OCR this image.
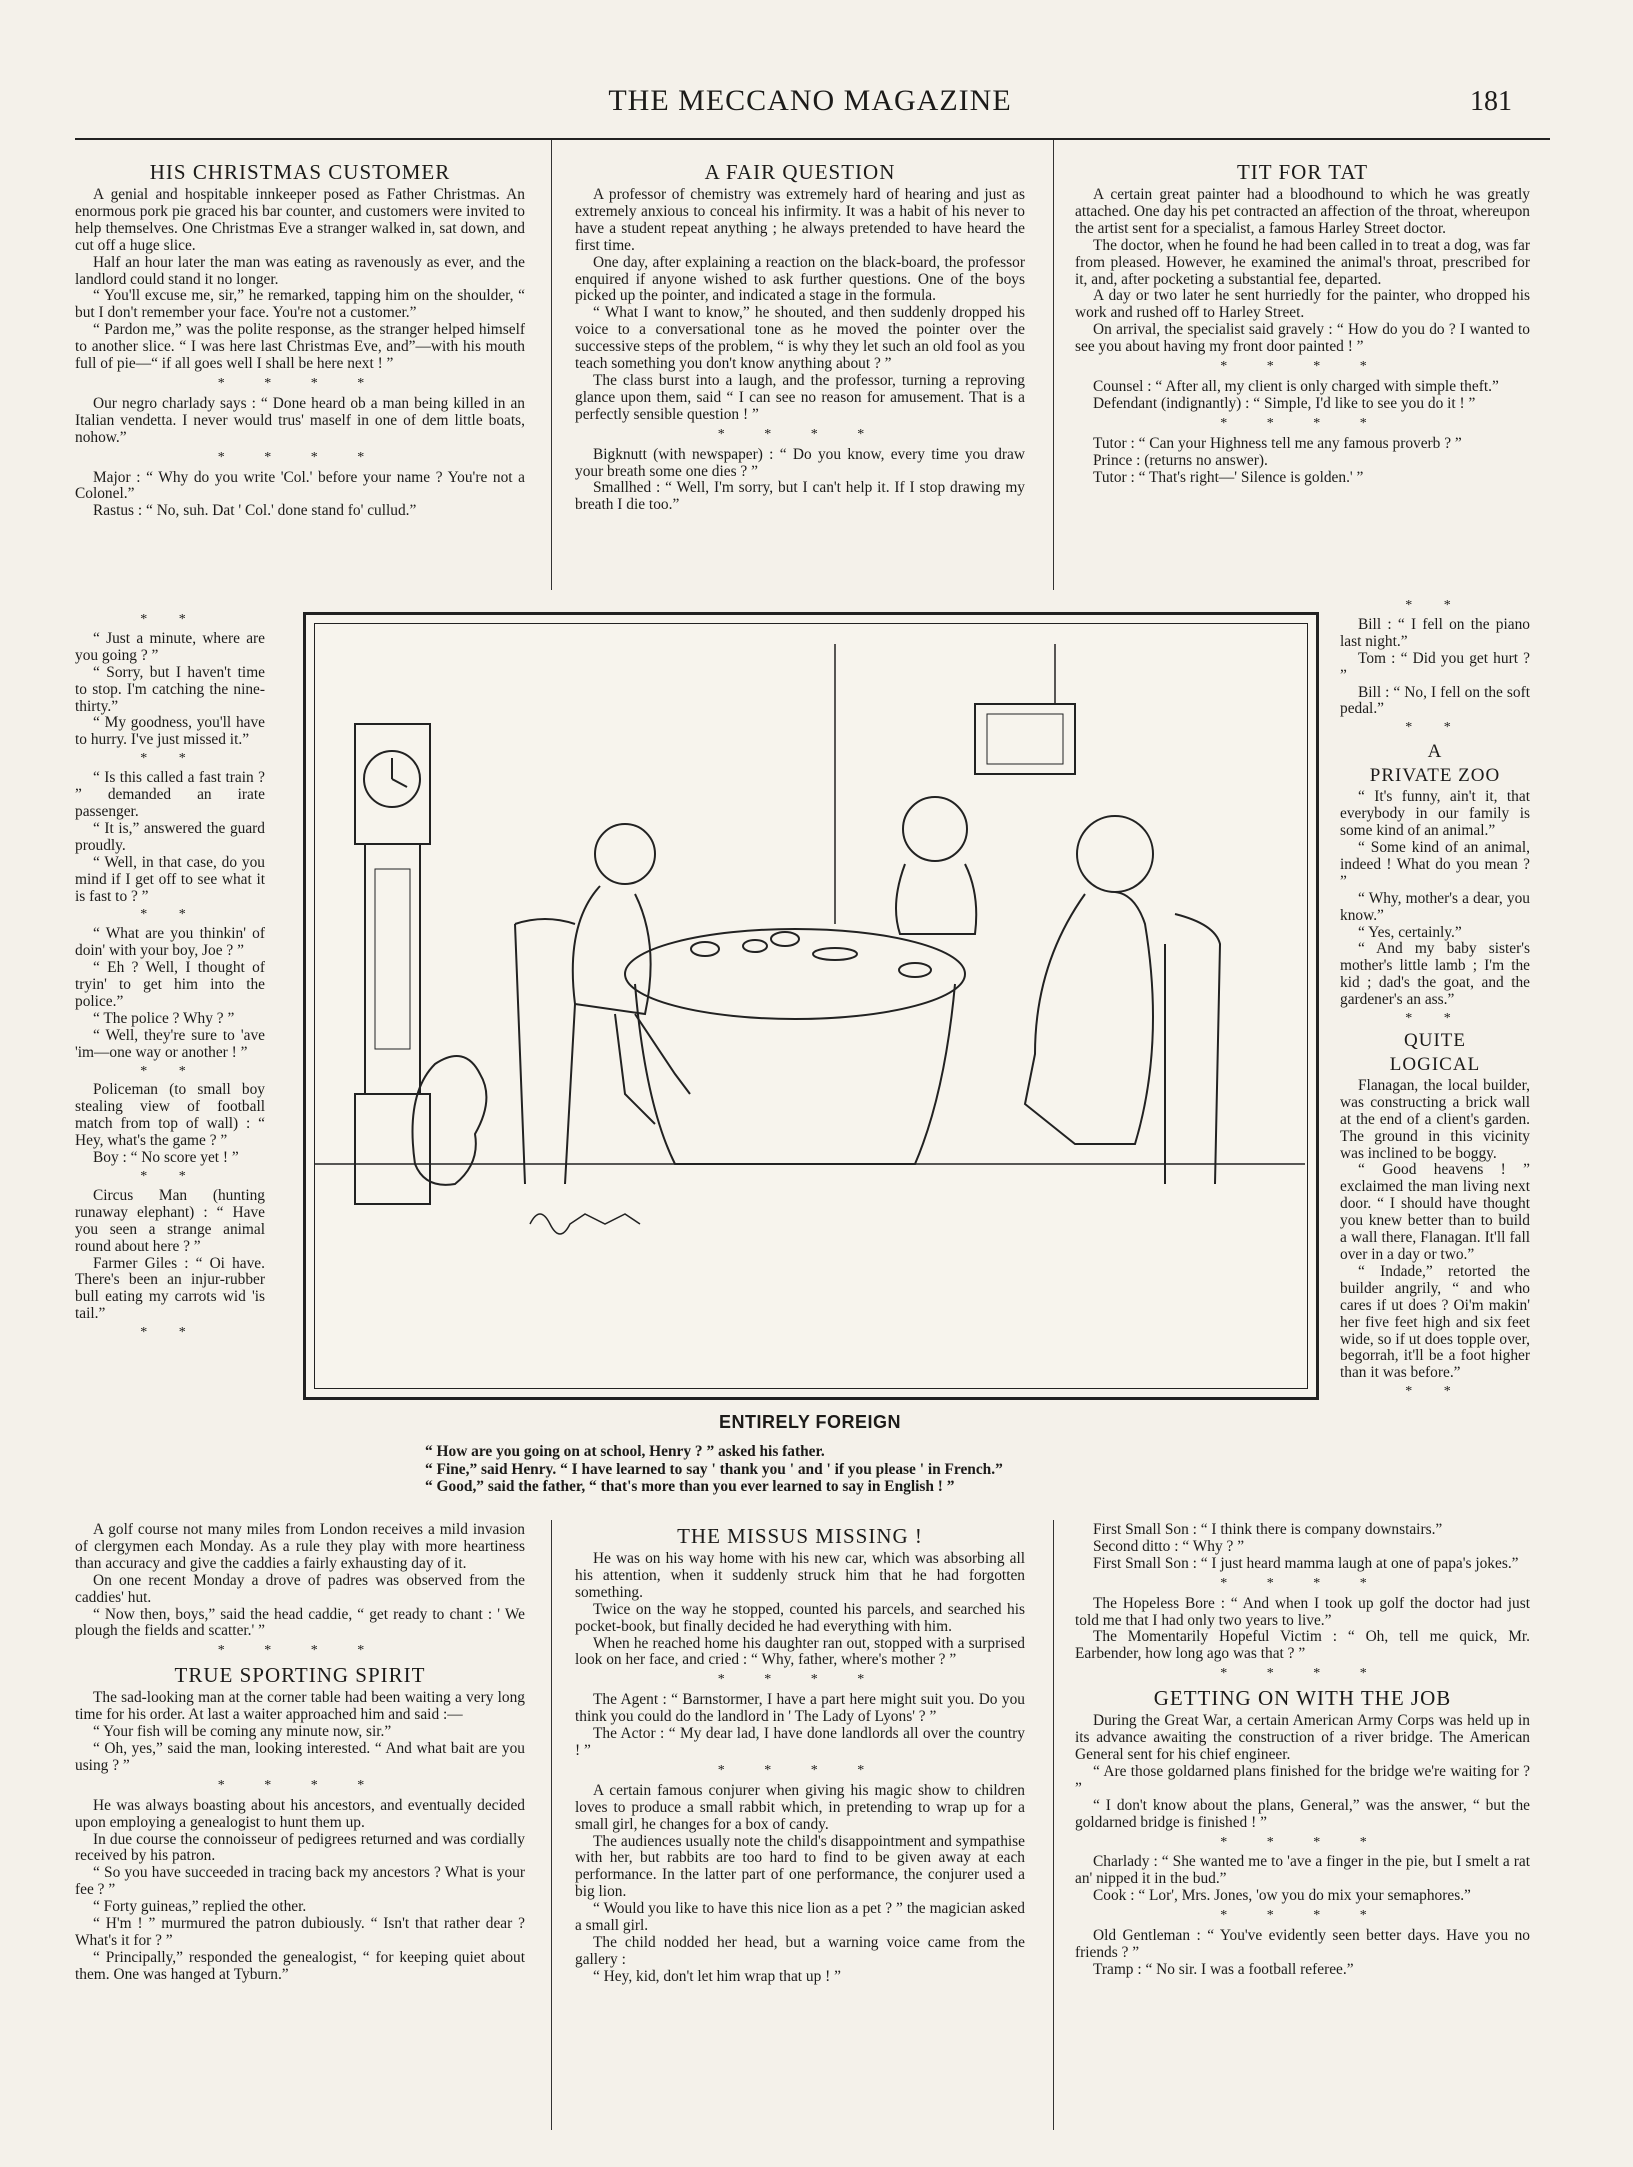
THE MECCANO MAGAZINE	181
HIS CHRISTMAS CUSTOMER

A genial and hospitable innkeeper posed as Father Christmas. An enormous pork pie graced his bar counter, and customers were invited to help themselves. One Christmas Eve a stranger walked in, sat down, and cut off a huge slice.

Half an hour later the man was eating as ravenously as ever, and the landlord could stand it no longer.

“ You'll excuse me, sir,” he remarked, tapping him on the shoulder, “ but I don't remember your face. You're not a customer.”

“ Pardon me,” was the polite response, as the stranger helped himself to another slice. “ I was here last Christmas Eve, and”—with his mouth full of pie—“ if all goes well I shall be here next ! ”

* * * *

Our negro charlady says : “ Done heard ob a man being killed in an Italian vendetta. I never would trus' maself in one of dem little boats, nohow.”

* * * *

Major : “ Why do you write 'Col.' before your name ? You're not a Colonel.”

Rastus : “ No, suh. Dat ' Col.' done stand fo' cullud.”

A FAIR QUESTION

A professor of chemistry was extremely hard of hearing and just as extremely anxious to conceal his infirmity. It was a habit of his never to have a student repeat anything ; he always pretended to have heard the first time.

One day, after explaining a reaction on the black-board, the professor enquired if anyone wished to ask further questions. One of the boys picked up the pointer, and indicated a stage in the formula.

“ What I want to know,” he shouted, and then suddenly dropped his voice to a conversational tone as he moved the pointer over the successive steps of the problem, “ is why they let such an old fool as you teach something you don't know anything about ? ”

The class burst into a laugh, and the professor, turning a reproving glance upon them, said “ I can see no reason for amusement. That is a perfectly sensible question ! ”

* * * *

Bigknutt (with newspaper) : “ Do you know, every time you draw your breath some one dies ? ”

Smallhed : “ Well, I'm sorry, but I can't help it. If I stop drawing my breath I die too.”

TIT FOR TAT

A certain great painter had a bloodhound to which he was greatly attached. One day his pet contracted an affection of the throat, whereupon the artist sent for a specialist, a famous Harley Street doctor.

The doctor, when he found he had been called in to treat a dog, was far from pleased. However, he examined the animal's throat, prescribed for it, and, after pocketing a substantial fee, departed.

A day or two later he sent hurriedly for the painter, who dropped his work and rushed off to Harley Street.

On arrival, the specialist said gravely : “ How do you do ? I wanted to see you about having my front door painted ! ”

* * * *

Counsel : “ After all, my client is only charged with simple theft.”

Defendant (indignantly) : “ Simple, I'd like to see you do it ! ”

* * * *

Tutor : “ Can your Highness tell me any famous proverb ? ”

Prince : (returns no answer).

Tutor : “ That's right—' Silence is golden.' ”

* *

“ Just a minute, where are you going ? ”

“ Sorry, but I haven't time to stop. I'm catching the nine-thirty.”

“ My goodness, you'll have to hurry. I've just missed it.”

* *

“ Is this called a fast train ? ” demanded an irate passenger.

“ It is,” answered the guard proudly.

“ Well, in that case, do you mind if I get off to see what it is fast to ? ”

* *

“ What are you thinkin' of doin' with your boy, Joe ? ”

“ Eh ? Well, I thought of tryin' to get him into the police.”

“ The police ? Why ? ”

“ Well, they're sure to 'ave 'im—one way or another ! ”

* *

Policeman (to small boy stealing view of football match from top of wall) : “ Hey, what's the game ? ”

Boy : “ No score yet ! ”

* *

Circus Man (hunting runaway elephant) : “ Have you seen a strange animal round about here ? ”

Farmer Giles : “ Oi have. There's been an injur-rubber bull eating my carrots wid 'is tail.”

* *
* *

Bill : “ I fell on the piano last night.”

Tom : “ Did you get hurt ? ”

Bill : “ No, I fell on the soft pedal.”

* *
A
PRIVATE ZOO

“ It's funny, ain't it, that everybody in our family is some kind of an animal.”

“ Some kind of an animal, indeed ! What do you mean ? ”

“ Why, mother's a dear, you know.”

“ Yes, certainly.”

“ And my baby sister's mother's little lamb ; I'm the kid ; dad's the goat, and the gardener's an ass.”

* *
QUITE
LOGICAL

Flanagan, the local builder, was constructing a brick wall at the end of a client's garden. The ground in this vicinity was inclined to be boggy.

“ Good heavens ! ” exclaimed the man living next door. “ I should have thought you knew better than to build a wall there, Flanagan. It'll fall over in a day or two.”

“ Indade,” retorted the builder angrily, “ and who cares if ut does ? Oi'm makin' her five feet high and six feet wide, so if ut does topple over, begorrah, it'll be a foot higher than it was before.”

* *
ENTIRELY FOREIGN

“ How are you going on at school, Henry ? ” asked his father.

“ Fine,” said Henry. “ I have learned to say ' thank you ' and ' if you please ' in French.”

“ Good,” said the father, “ that's more than you ever learned to say in English ! ”

A golf course not many miles from London receives a mild invasion of clergymen each Monday. As a rule they play with more heartiness than accuracy and give the caddies a fairly exhausting day of it.

On one recent Monday a drove of padres was observed from the caddies' hut.

“ Now then, boys,” said the head caddie, “ get ready to chant : ' We plough the fields and scatter.' ”

* * * *
TRUE SPORTING SPIRIT

The sad-looking man at the corner table had been waiting a very long time for his order. At last a waiter approached him and said :—

“ Your fish will be coming any minute now, sir.”

“ Oh, yes,” said the man, looking interested. “ And what bait are you using ? ”

* * * *

He was always boasting about his ancestors, and eventually decided upon employing a genealogist to hunt them up.

In due course the connoisseur of pedigrees returned and was cordially received by his patron.

“ So you have succeeded in tracing back my ancestors ? What is your fee ? ”

“ Forty guineas,” replied the other.

“ H'm ! ” murmured the patron dubiously. “ Isn't that rather dear ? What's it for ? ”

“ Principally,” responded the genealogist, “ for keeping quiet about them. One was hanged at Tyburn.”

THE MISSUS MISSING !

He was on his way home with his new car, which was absorbing all his attention, when it suddenly struck him that he had forgotten something.

Twice on the way he stopped, counted his parcels, and searched his pocket-book, but finally decided he had everything with him.

When he reached home his daughter ran out, stopped with a surprised look on her face, and cried : “ Why, father, where's mother ? ”

* * * *

The Agent : “ Barnstormer, I have a part here might suit you. Do you think you could do the landlord in ' The Lady of Lyons' ? ”

The Actor : “ My dear lad, I have done landlords all over the country ! ”

* * * *

A certain famous conjurer when giving his magic show to children loves to produce a small rabbit which, in pretending to wrap up for a small girl, he changes for a box of candy.

The audiences usually note the child's disappointment and sympathise with her, but rabbits are too hard to find to be given away at each performance. In the latter part of one performance, the conjurer used a big lion.

“ Would you like to have this nice lion as a pet ? ” the magician asked a small girl.

The child nodded her head, but a warning voice came from the gallery :

“ Hey, kid, don't let him wrap that up ! ”

First Small Son : “ I think there is company downstairs.”

Second ditto : “ Why ? ”

First Small Son : “ I just heard mamma laugh at one of papa's jokes.”

* * * *

The Hopeless Bore : “ And when I took up golf the doctor had just told me that I had only two years to live.”

The Momentarily Hopeful Victim : “ Oh, tell me quick, Mr. Earbender, how long ago was that ? ”

* * * *
GETTING ON WITH THE JOB

During the Great War, a certain American Army Corps was held up in its advance awaiting the construction of a river bridge. The American General sent for his chief engineer.

“ Are those goldarned plans finished for the bridge we're waiting for ? ”

“ I don't know about the plans, General,” was the answer, “ but the goldarned bridge is finished ! ”

* * * *

Charlady : “ She wanted me to 'ave a finger in the pie, but I smelt a rat an' nipped it in the bud.”

Cook : “ Lor', Mrs. Jones, 'ow you do mix your semaphores.”

* * * *

Old Gentleman : “ You've evidently seen better days. Have you no friends ? ”

Tramp : “ No sir. I was a football referee.”
